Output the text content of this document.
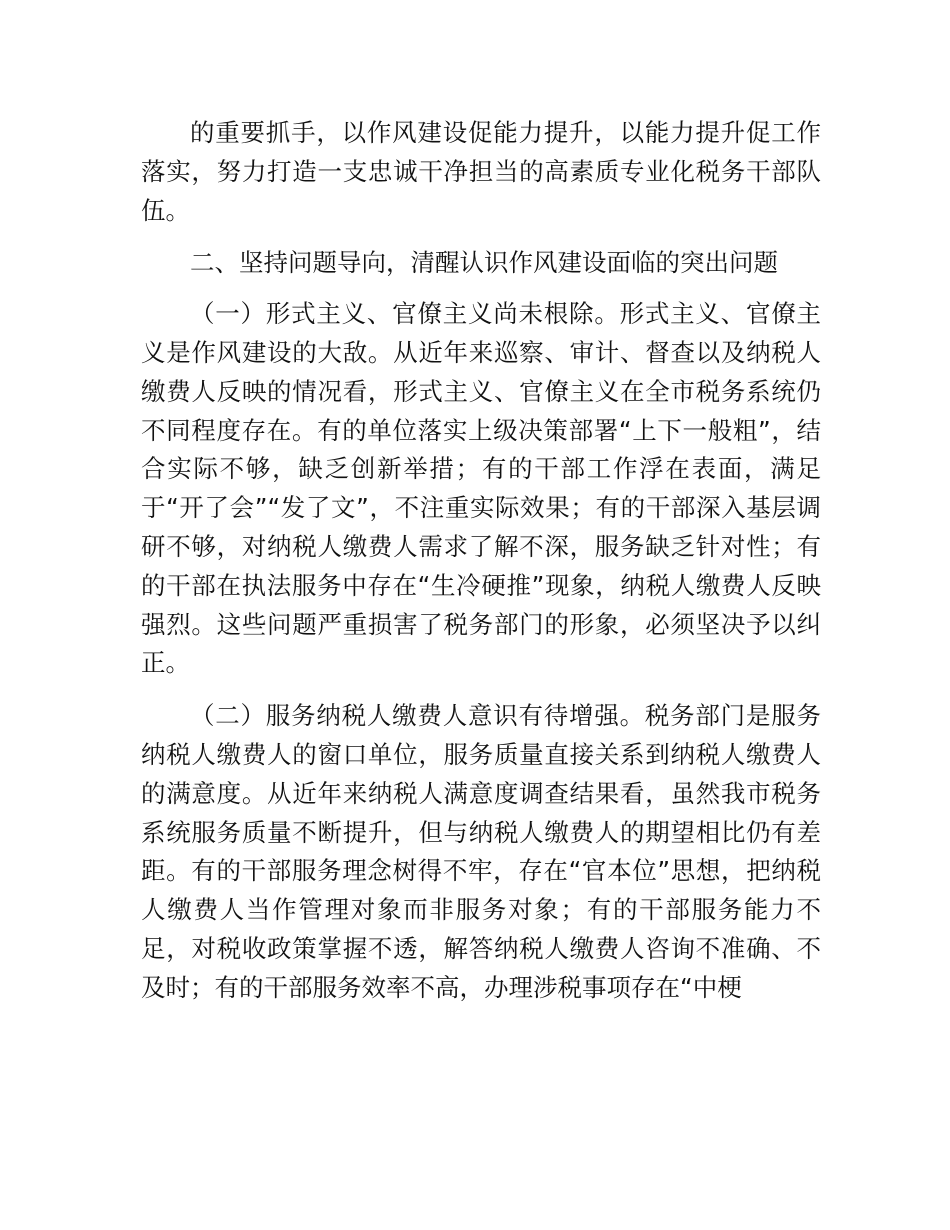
的重要抓手，以作风建设促能力提升，以能力提升促工作落实，努力打造一支忠诚干净担当的高素质专业化税务干部队伍。

二、坚持问题导向，清醒认识作风建设面临的突出问题

（一）形式主义、官僚主义尚未根除。形式主义、官僚主义是作风建设的大敌。从近年来巡察、审计、督查以及纳税人缴费人反映的情况看，形式主义、官僚主义在全市税务系统仍不同程度存在。有的单位落实上级决策部署“上下一般粗”，结合实际不够，缺乏创新举措；有的干部工作浮在表面，满足于“开了会”“发了文”，不注重实际效果；有的干部深入基层调研不够，对纳税人缴费人需求了解不深，服务缺乏针对性；有的干部在执法服务中存在“生冷硬推”现象，纳税人缴费人反映强烈。这些问题严重损害了税务部门的形象，必须坚决予以纠正。

（二）服务纳税人缴费人意识有待增强。税务部门是服务纳税人缴费人的窗口单位，服务质量直接关系到纳税人缴费人的满意度。从近年来纳税人满意度调查结果看，虽然我市税务系统服务质量不断提升，但与纳税人缴费人的期望相比仍有差距。有的干部服务理念树得不牢，存在“官本位”思想，把纳税人缴费人当作管理对象而非服务对象；有的干部服务能力不足，对税收政策掌握不透，解答纳税人缴费人咨询不准确、不及时；有的干部服务效率不高，办理涉税事项存在“中梗
